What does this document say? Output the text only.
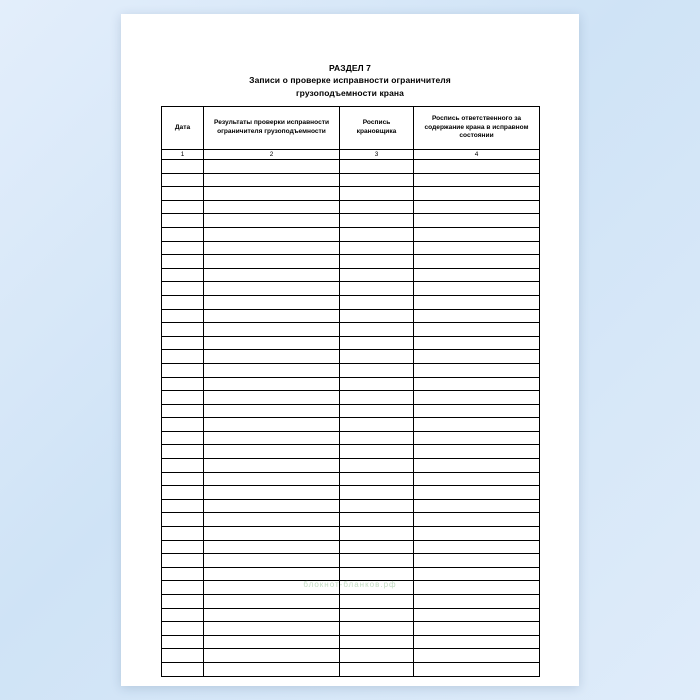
РАЗДЕЛ 7
Записи о проверке исправности ограничителя
грузоподъемности крана
Дата	Результаты проверки исправности ограничителя грузоподъемности	Роспись крановщика	Роспись ответственного за содержание крана в исправном состоянии
1	2	3	4

блокнот-бланков.рф
